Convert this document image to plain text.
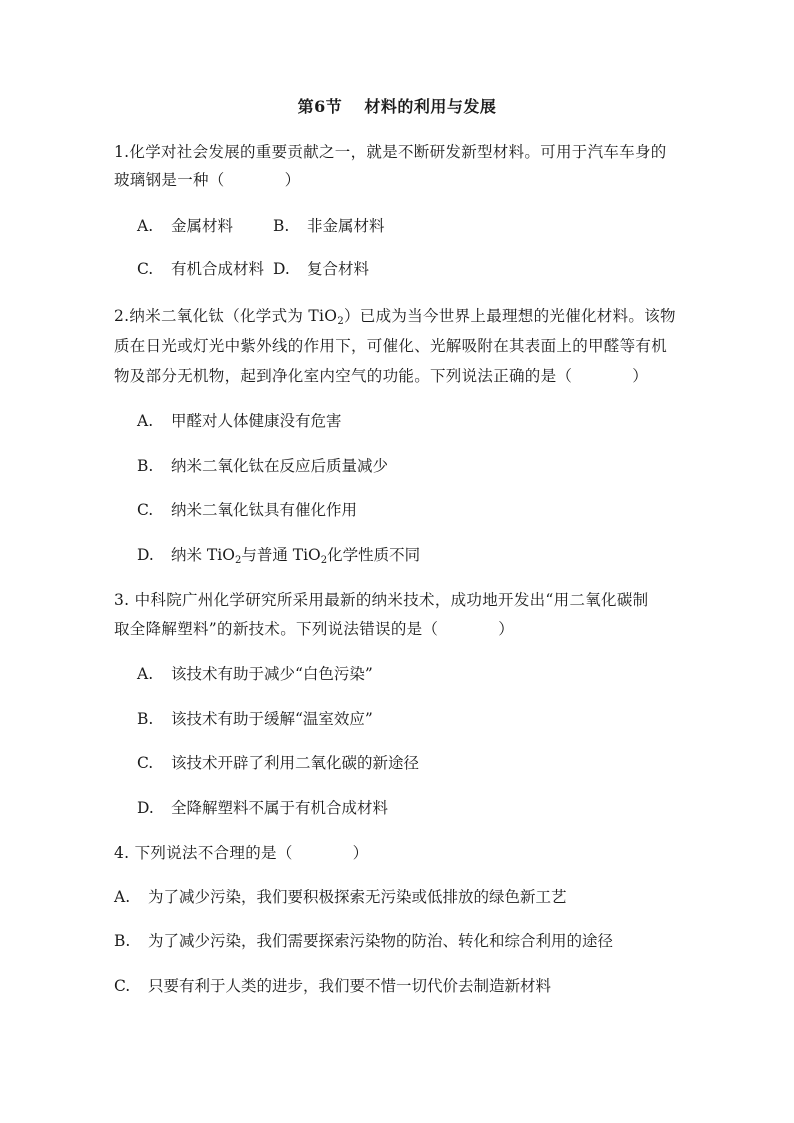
第6节 材料的利用与发展
1.化学对社会发展的重要贡献之一，就是不断研发新型材料。可用于汽车车身的
玻璃钢是一种（	）
A. 金属材料	B. 非金属材料
C. 有机合成材料 D. 复合材料
2.纳米二氧化钛（化学式为 TiO$_2$）已成为当今世界上最理想的光催化材料。该物
质在日光或灯光中紫外线的作用下，可催化、光解吸附在其表面上的甲醛等有机
物及部分无机物，起到净化室内空气的功能。下列说法正确的是（	）
A. 甲醛对人体健康没有危害
B. 纳米二氧化钛在反应后质量减少
C. 纳米二氧化钛具有催化作用
D. 纳米 TiO$_2$与普通 TiO$_2$化学性质不同
3. 中科院广州化学研究所采用最新的纳米技术，成功地开发出“用二氧化碳制
取全降解塑料”的新技术。下列说法错误的是（	）
A. 该技术有助于减少“白色污染”
B. 该技术有助于缓解“温室效应”
C. 该技术开辟了利用二氧化碳的新途径
D. 全降解塑料不属于有机合成材料
4. 下列说法不合理的是（	）
A. 为了减少污染，我们要积极探索无污染或低排放的绿色新工艺
B. 为了减少污染，我们需要探索污染物的防治、转化和综合利用的途径
C. 只要有利于人类的进步，我们要不惜一切代价去制造新材料
